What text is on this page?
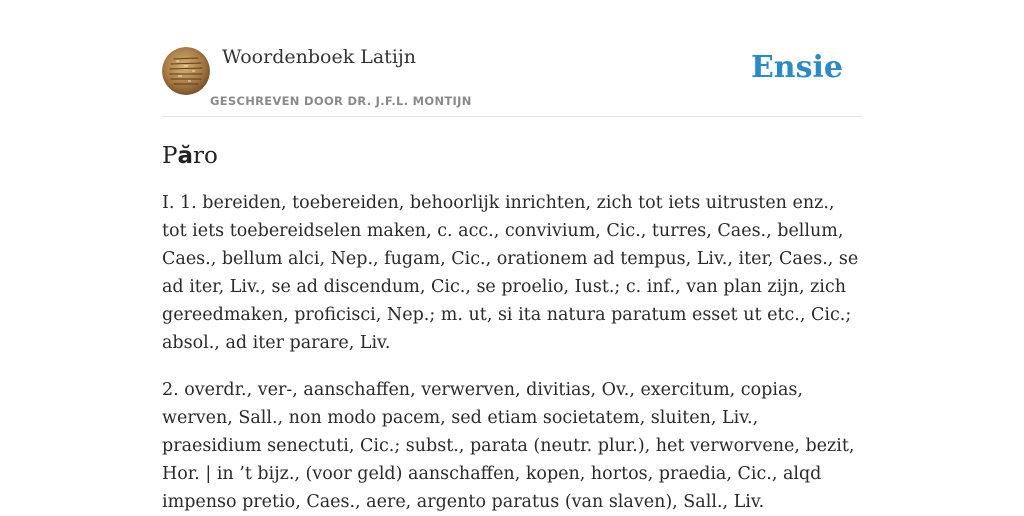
Woordenboek Latijn
GESCHREVEN DOOR DR. J.F.L. MONTIJN
Ensie
Păro

I. 1. bereiden, toebereiden, behoorlijk inrichten, zich tot iets uitrusten enz., tot iets toebereidselen maken, c. acc., convivium, Cic., turres, Caes., bellum, Caes., bellum alci, Nep., fugam, Cic., orationem ad tempus, Liv., iter, Caes., se ad iter, Liv., se ad discendum, Cic., se proelio, Iust.; c. inf., van plan zijn, zich gereedmaken, proficisci, Nep.; m. ut, si ita natura paratum esset ut etc., Cic.; absol., ad iter parare, Liv.

2. overdr., ver-, aanschaffen, verwerven, divitias, Ov., exercitum, copias, werven, Sall., non modo pacem, sed etiam societatem, sluiten, Liv., praesidium senectuti, Cic.; subst., parata (neutr. plur.), het verworvene, bezit, Hor. | in ’t bijz., (voor geld) aanschaffen, kopen, hortos, praedia, Cic., alqd impenso pretio, Caes., aere, argento paratus (van slaven), Sall., Liv.
